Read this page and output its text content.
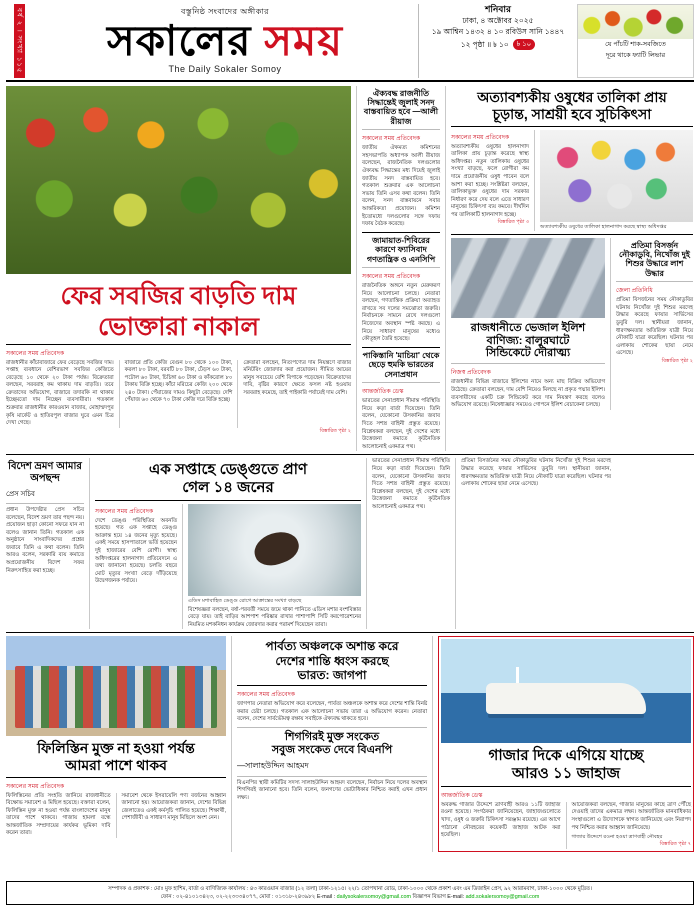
বর্ষ ২ । সংখ্যা ১১৫	বস্তুনিষ্ঠ সংবাদের অঙ্গীকার
সকালের সময়
The Daily Sokaler Somoy
শনিবার
ঢাকা, ৪ অক্টোবর ২০২৫
১৯ আশ্বিন ১৪৩২ ৪ ১০ রবিউস সানি ১৪৪৭
১২ পৃষ্ঠা ॥ ৳ ১০	৳ ১০	যে পাঁচটি শাক-সবজিতে
দূরে থাকে ফ্যাটি লিভার
ফের সবজির বাড়তি দাম
ভোক্তারা নাকাল
সকালের সময় প্রতিবেদক
রাজধানীর কাঁচাবাজারে ফের বেড়েছে সবজির দাম। সপ্তাহ ব্যবধানে বেশিরভাগ সবজির কেজিতে বেড়েছে ১০ থেকে ২০ টাকা পর্যন্ত। বিক্রেতারা বলছেন, সরবরাহ কম থাকায় দাম বাড়তি। তবে ক্রেতাদের অভিযোগ, বাজারে তদারকি না থাকায় ইচ্ছেমতো দাম নিচ্ছেন ব্যবসায়ীরা। গতকাল শুক্রবার রাজধানীর কারওয়ান বাজার, মোহাম্মদপুর কৃষি মার্কেট ও হাতিরপুল বাজার ঘুরে এমন চিত্র দেখা গেছে।
বাজারে প্রতি কেজি বেগুন ৮০ থেকে ১০০ টাকা, করলা ৮০ টাকা, বরবটি ৮০ টাকা, ঢেঁড়স ৬০ টাকা, পটোল ৬০ টাকা, চিচিঙ্গা ৬০ টাকা ও কাঁকরোল ৮০ টাকায় বিক্রি হচ্ছে। কাঁচা মরিচের কেজি ২০০ থেকে ২৪০ টাকা। পেঁয়াজের দামও কিছুটা বেড়েছে। দেশি পেঁয়াজ ৬০ থেকে ৭০ টাকা কেজি দরে বিক্রি হচ্ছে।
ক্রেতারা বলছেন, নিত্যপণ্যের দাম নিয়ন্ত্রণে বাজার মনিটরিং জোরদার করা প্রয়োজন। সীমিত আয়ের মানুষ সবচেয়ে বেশি বিপাকে পড়েছেন। বিক্রেতাদের দাবি, বৃষ্টির কারণে ক্ষেতে ফসল নষ্ট হওয়ায় সরবরাহ কমেছে, তাই পাইকারি পর্যায়েই দাম বেশি।
বিস্তারিত পৃষ্ঠা ২
ঐক্যবদ্ধ রাজনীতি সিদ্ধান্তেই জুলাই সনদ বাস্তবায়িত হবে —আলী রীয়াজ
সকালের সময় প্রতিবেদক
জাতীয় ঐকমত্য কমিশনের সহসভাপতি অধ্যাপক আলী রীয়াজ বলেছেন, রাজনৈতিক দলগুলোর ঐক্যবদ্ধ সিদ্ধান্তের মধ্য দিয়েই জুলাই জাতীয় সনদ বাস্তবায়িত হবে। গতকাল শুক্রবার এক আলোচনা সভায় তিনি এসব কথা বলেন। তিনি বলেন, সনদ বাস্তবায়নে সবার আন্তরিকতা প্রয়োজন। কমিশন ইতোমধ্যে দলগুলোর সঙ্গে দফায় দফায় বৈঠক করেছে।
জামায়াত-শিবিরের কারণে ফ্যাসিবাদ গণতান্ত্রিক ও এনসিপি
সকালের সময় প্রতিবেদক
রাজনৈতিক অঙ্গনে নতুন মেরুকরণ নিয়ে আলোচনা চলছে। নেতারা বলছেন, গণতান্ত্রিক প্রক্রিয়া অব্যাহত রাখতে সব দলের সমঝোতা জরুরি। নির্বাচনকে সামনে রেখে দলগুলো নিজেদের অবস্থান স্পষ্ট করছে। এ নিয়ে সাধারণ মানুষের মধ্যেও কৌতূহল তৈরি হয়েছে।
পাকিস্তানি 'মাচিয়া' থেকে ছেড়ে হুমকি ভারতের সেনাপ্রধান
আন্তর্জাতিক ডেস্ক
ভারতের সেনাপ্রধান সীমান্ত পরিস্থিতি নিয়ে কড়া বার্তা দিয়েছেন। তিনি বলেন, যেকোনো উসকানির জবাব দিতে সশস্ত্র বাহিনী প্রস্তুত রয়েছে। বিশ্লেষকরা বলছেন, দুই দেশের মধ্যে উত্তেজনা কমাতে কূটনৈতিক আলোচনাই একমাত্র পথ।
অত্যাবশ্যকীয় ওষুধের তালিকা প্রায়
চূড়ান্ত, সাশ্রয়ী হবে সুচিকিৎসা
সকালের সময় প্রতিবেদক
অত্যাবশ্যকীয় ওষুধের হালনাগাদ তালিকা প্রায় চূড়ান্ত করেছে স্বাস্থ্য অধিদপ্তর। নতুন তালিকায় ওষুধের সংখ্যা বাড়ছে, ফলে রোগীরা কম দামে প্রয়োজনীয় ওষুধ পাবেন বলে আশা করা হচ্ছে। সংশ্লিষ্টরা বলছেন, তালিকাভুক্ত ওষুধের দাম সরকার নির্ধারণ করে দেয় বলে এতে সাধারণ মানুষের চিকিৎসা ব্যয় কমবে। দীর্ঘদিন পর তালিকাটি হালনাগাদ হচ্ছে।
বিস্তারিত পৃষ্ঠা ৩
অত্যাবশ্যকীয় ওষুধের তালিকা হালনাগাদ করছে স্বাস্থ্য অধিদপ্তর
রাজধানীতে ভেজাল ইলিশ
বাণিজ্য: বালুরঘাটে
সিন্ডিকেটে দৌরাত্ম্য
নিজস্ব প্রতিবেদক
রাজধানীর বিভিন্ন বাজারে ইলিশের নামে অন্য মাছ বিক্রির অভিযোগ উঠেছে। ক্রেতারা বলছেন, দাম বেশি নিয়েও মিলছে না প্রকৃত পদ্মার ইলিশ। ব্যবসায়ীদের একটি চক্র সিন্ডিকেট করে দাম নিয়ন্ত্রণ করছে বলেও অভিযোগ রয়েছে। নিষেধাজ্ঞার সময়েও গোপনে ইলিশ বেচাকেনা চলছে।
প্রতিমা বিসর্জন নৌকাডুবি, নিখোঁজ দুই শিশুর উদ্ধারে লাশ উদ্ধার
জেলা প্রতিনিধি
প্রতিমা বিসর্জনের সময় নৌকাডুবির ঘটনায় নিখোঁজ দুই শিশুর মরদেহ উদ্ধার করেছে ফায়ার সার্ভিসের ডুবুরি দল। স্থানীয়রা জানান, ধারণক্ষমতার অতিরিক্ত যাত্রী নিয়ে নৌকাটি যাত্রা করেছিল। ঘটনার পর এলাকায় শোকের ছায়া নেমে এসেছে।
বিস্তারিত পৃষ্ঠা ২
বিদেশ ভ্রমণ আমার অপছন্দ
প্রেস সচিব
প্রধান উপদেষ্টার প্রেস সচিব বলেছেন, বিদেশ ভ্রমণ তার পছন্দ নয়। প্রয়োজন ছাড়া কোনো সফরে যান না বলেও জানান তিনি। গতকাল এক অনুষ্ঠানে সাংবাদিকদের প্রশ্নের জবাবে তিনি এ কথা বলেন। তিনি আরও বলেন, সরকারি ব্যয় কমাতে অপ্রয়োজনীয় বিদেশ সফর নিরুৎসাহিত করা হচ্ছে।
এক সপ্তাহে ডেঙ্গুতে প্রাণ
গেল ১৪ জনের
সকালের সময় প্রতিবেদক
দেশে ডেঙ্গু পরিস্থিতির অবনতি হয়েছে। গত এক সপ্তাহে ডেঙ্গু আক্রান্ত হয়ে ১৪ জনের মৃত্যু হয়েছে। একই সময়ে হাসপাতালে ভর্তি হয়েছেন দুই হাজারের বেশি রোগী। স্বাস্থ্য অধিদপ্তরের হালনাগাদ প্রতিবেদনে এ তথ্য জানানো হয়েছে। চলতি বছরে মোট মৃত্যুর সংখ্যা বেড়ে দাঁড়িয়েছে উদ্বেগজনক পর্যায়ে।
এডিস মশাবাহিত ডেঙ্গু রোগে আক্রান্তের সংখ্যা বাড়ছে
বিশেষজ্ঞরা বলছেন, বর্ষা-পরবর্তী সময়ে জমে থাকা পানিতে এডিস মশার বংশবিস্তার বেড়ে যায়। তাই বাড়ির আশপাশ পরিষ্কার রাখার পাশাপাশি সিটি করপোরেশনের নিয়মিত মশকনিধন কার্যক্রম জোরদার করার পরামর্শ দিয়েছেন তারা।
ভারতের সেনাপ্রধান সীমান্ত পরিস্থিতি নিয়ে কড়া বার্তা দিয়েছেন। তিনি বলেন, যেকোনো উসকানির জবাব দিতে সশস্ত্র বাহিনী প্রস্তুত রয়েছে। বিশ্লেষকরা বলছেন, দুই দেশের মধ্যে উত্তেজনা কমাতে কূটনৈতিক আলোচনাই একমাত্র পথ।
প্রতিমা বিসর্জনের সময় নৌকাডুবির ঘটনায় নিখোঁজ দুই শিশুর মরদেহ উদ্ধার করেছে ফায়ার সার্ভিসের ডুবুরি দল। স্থানীয়রা জানান, ধারণক্ষমতার অতিরিক্ত যাত্রী নিয়ে নৌকাটি যাত্রা করেছিল। ঘটনার পর এলাকায় শোকের ছায়া নেমে এসেছে।
ফিলিস্তিন মুক্ত না হওয়া পর্যন্ত
আমরা পাশে থাকব
সকালের সময় প্রতিবেদক
ফিলিস্তিনের প্রতি সংহতি জানিয়ে রাজধানীতে বিক্ষোভ সমাবেশ ও মিছিল হয়েছে। বক্তারা বলেন, ফিলিস্তিন মুক্ত না হওয়া পর্যন্ত বাংলাদেশের মানুষ তাদের পাশে থাকবে। গাজায় হামলা বন্ধে আন্তর্জাতিক সম্প্রদায়ের কার্যকর ভূমিকা দাবি করেন তারা।
সমাবেশ থেকে ইসরায়েলি পণ্য বর্জনের আহ্বান জানানো হয়। আয়োজকরা জানান, দেশের বিভিন্ন জেলাতেও একই কর্মসূচি পালিত হয়েছে। শিক্ষার্থী, পেশাজীবী ও সাধারণ মানুষ মিছিলে অংশ নেন।
পার্বত্য অঞ্চলকে অশান্ত করে
দেশের শান্তি ধ্বংস করছে
ভারত: জাগপা
সকালের সময় প্রতিবেদক
জাগপার নেতারা অভিযোগ করে বলেছেন, পার্বত্য অঞ্চলকে অশান্ত করে দেশের শান্তি বিনষ্ট করার চেষ্টা চলছে। গতকাল এক আলোচনা সভায় তারা এ অভিযোগ করেন। নেতারা বলেন, দেশের সার্বভৌমত্ব রক্ষায় সবাইকে ঐক্যবদ্ধ থাকতে হবে।
শিগগিরই মুক্ত সংকেত
সবুজ সংকেত দেবে বিএনপি
—সালাহউদ্দিন আহমদ
বিএনপির স্থায়ী কমিটির সদস্য সালাহউদ্দিন আহমদ বলেছেন, নির্বাচন নিয়ে দলের অবস্থান শিগগিরই জানানো হবে। তিনি বলেন, জনগণের ভোটাধিকার নিশ্চিত করাই এখন প্রধান লক্ষ্য।
গাজার দিকে এগিয়ে যাচ্ছে
আরও ১১ জাহাজ
আন্তর্জাতিক ডেস্ক
অবরুদ্ধ গাজার উদ্দেশে ত্রাণবাহী আরও ১১টি জাহাজ রওনা হয়েছে। সংগঠকরা জানিয়েছেন, জাহাজগুলোতে খাদ্য, ওষুধ ও জরুরি চিকিৎসা সরঞ্জাম রয়েছে। এর আগে পাঠানো নৌবহরের কয়েকটি জাহাজ আটক করা হয়েছিল।
আয়োজকরা বলছেন, গাজার মানুষের কাছে ত্রাণ পৌঁছে দেওয়াই তাদের একমাত্র লক্ষ্য। আন্তর্জাতিক মানবাধিকার সংস্থাগুলো এ উদ্যোগকে স্বাগত জানিয়েছে এবং নিরাপদ পথ নিশ্চিত করার আহ্বান জানিয়েছে।
গাজার উদ্দেশে রওনা হওয়া ত্রাণবাহী নৌবহর
বিস্তারিত পৃষ্ঠা ৭
সম্পাদক ও প্রকাশক : মোঃ মুফ হাশিম, বার্তা ও বাণিজ্যিক কার্যালয় : ৪৩ কারওয়ান বাজার (১২ তলা) ঢাকা-১২১৫। ২২/১ তোপখানা রোড, ঢাকা-১০০০ থেকে প্রকাশ এবং এম ডিজাইন প্রেস, ৯২ আরামবাগ, ঢাকা-১০০০ থেকে মুদ্রিত।
ফোন : ০২-৪১০১৩৪২৩, ০২-২২৩৩৩৪০৭৭, মোবা : ০১৩১৮-২৪৩৯৮২ E-mail : dailysokalersomoy@gmail.com বিজ্ঞাপন বিভাগ E-mail: add.sokalersomoy@gmail.com
